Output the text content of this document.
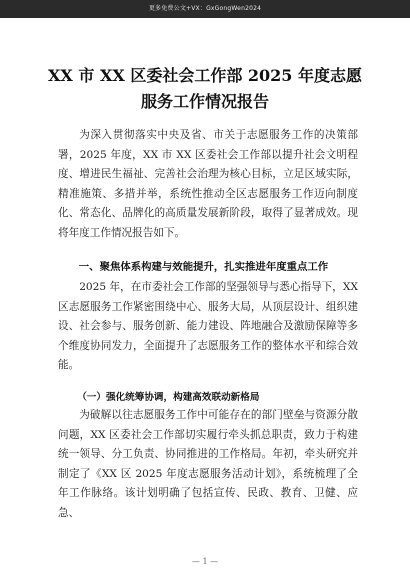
更多免费公文+VX：GxGongWen2024
XX 市 XX 区委社会工作部 2025 年度志愿
服务工作情况报告
为深入贯彻落实中央及省、市关于志愿服务工作的决策部署，2025 年度，XX 市 XX 区委社会工作部以提升社会文明程度、增进民生福祉、完善社会治理为核心目标，立足区域实际，精准施策、多措并举，系统性推动全区志愿服务工作迈向制度化、常态化、品牌化的高质量发展新阶段，取得了显著成效。现将年度工作情况报告如下。
一、聚焦体系构建与效能提升，扎实推进年度重点工作
2025 年，在市委社会工作部的坚强领导与悉心指导下，XX 区志愿服务工作紧密围绕中心、服务大局，从顶层设计、组织建设、社会参与、服务创新、能力建设、阵地融合及激励保障等多个维度协同发力，全面提升了志愿服务工作的整体水平和综合效能。
（一）强化统筹协调，构建高效联动新格局
为破解以往志愿服务工作中可能存在的部门壁垒与资源分散问题，XX 区委社会工作部切实履行牵头抓总职责，致力于构建统一领导、分工负责、协同推进的工作格局。年初，牵头研究并制定了《XX 区 2025 年度志愿服务活动计划》，系统梳理了全年工作脉络。该计划明确了包括宣传、民政、教育、卫健、应急、
— 1 —
